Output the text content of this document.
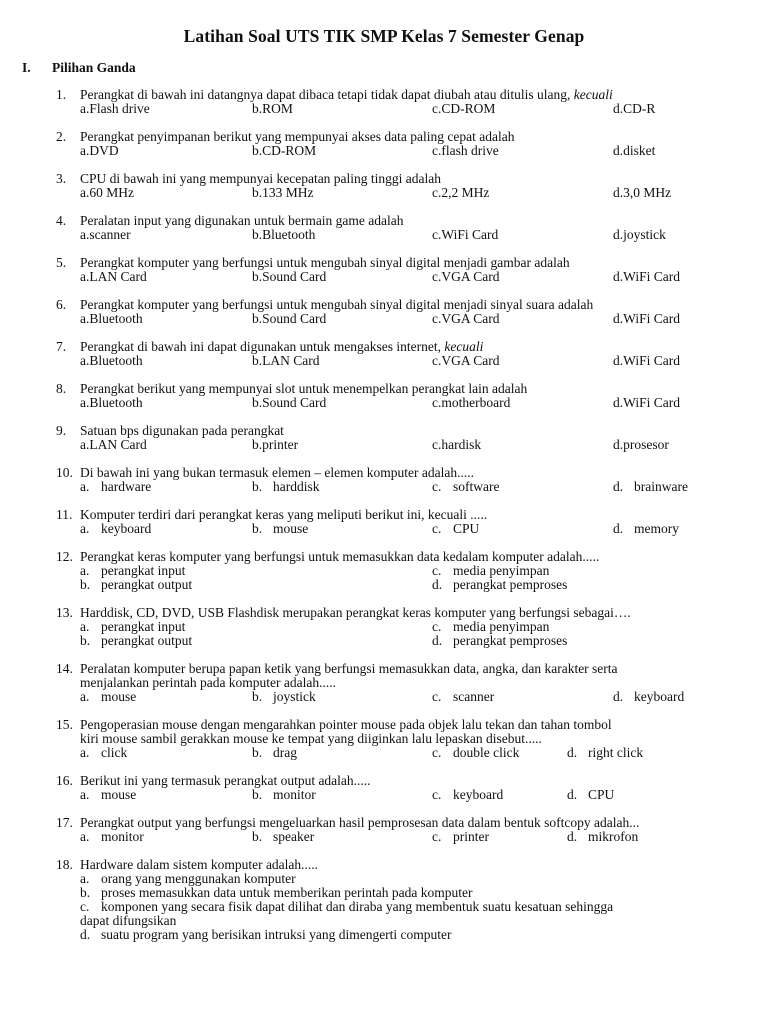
Latihan Soal UTS TIK SMP Kelas 7 Semester Genap
I. Pilihan Ganda
1.	Perangkat di bawah ini datangnya dapat dibaca tetapi tidak dapat diubah atau ditulis ulang, kecuali
a.Flash drive	b.ROM	c.CD-ROM	d.CD-R
2.	Perangkat penyimpanan berikut yang mempunyai akses data paling cepat adalah
a.DVD	b.CD-ROM	c.flash drive	d.disket
3.	CPU di bawah ini yang mempunyai kecepatan paling tinggi adalah
a.60 MHz	b.133 MHz	c.2,2 MHz	d.3,0 MHz
4.	Peralatan input yang digunakan untuk bermain game adalah
a.scanner	b.Bluetooth	c.WiFi Card	d.joystick
5.	Perangkat komputer yang berfungsi untuk mengubah sinyal digital menjadi gambar adalah
a.LAN Card	b.Sound Card	c.VGA Card	d.WiFi Card
6.	Perangkat komputer yang berfungsi untuk mengubah sinyal digital menjadi sinyal suara adalah
a.Bluetooth	b.Sound Card	c.VGA Card	d.WiFi Card
7.	Perangkat di bawah ini dapat digunakan untuk mengakses internet, kecuali
a.Bluetooth	b.LAN Card	c.VGA Card	d.WiFi Card
8.	Perangkat berikut yang mempunyai slot untuk menempelkan perangkat lain adalah
a.Bluetooth	b.Sound Card	c.motherboard	d.WiFi Card
9.	Satuan bps digunakan pada perangkat
a.LAN Card	b.printer	c.hardisk	d.prosesor
10. Di bawah ini yang bukan termasuk elemen – elemen komputer adalah.....
a. hardware	b. harddisk	c. software	d. brainware
11. Komputer terdiri dari perangkat keras yang meliputi berikut ini, kecuali .....
a. keyboard	b. mouse	c. CPU	d. memory
12. Perangkat keras komputer yang berfungsi untuk memasukkan data kedalam komputer adalah.....
a. perangkat input	c. media penyimpan
b. perangkat output	d. perangkat pemproses
13. Harddisk, CD, DVD, USB Flashdisk merupakan perangkat keras komputer yang berfungsi sebagai….
a. perangkat input	c. media penyimpan
b. perangkat output	d. perangkat pemproses
14. Peralatan komputer berupa papan ketik yang berfungsi memasukkan data, angka, dan karakter serta
menjalankan perintah pada komputer adalah.....
a. mouse	b. joystick	c. scanner	d. keyboard
15. Pengoperasian mouse dengan mengarahkan pointer mouse pada objek lalu tekan dan tahan tombol
kiri mouse sambil gerakkan mouse ke tempat yang diiginkan lalu lepaskan disebut.....
a. click	b. drag	c. double click	d. right click
16. Berikut ini yang termasuk perangkat output adalah.....
a. mouse	b. monitor	c. keyboard	d. CPU
17. Perangkat output yang berfungsi mengeluarkan hasil pemprosesan data dalam bentuk softcopy adalah...
a. monitor	b. speaker	c. printer	d. mikrofon
18. Hardware dalam sistem komputer adalah.....
a. orang yang menggunakan komputer
b. proses memasukkan data untuk memberikan perintah pada komputer
c. komponen yang secara fisik dapat dilihat dan diraba yang membentuk suatu kesatuan sehingga
dapat difungsikan
d. suatu program yang berisikan intruksi yang dimengerti computer
